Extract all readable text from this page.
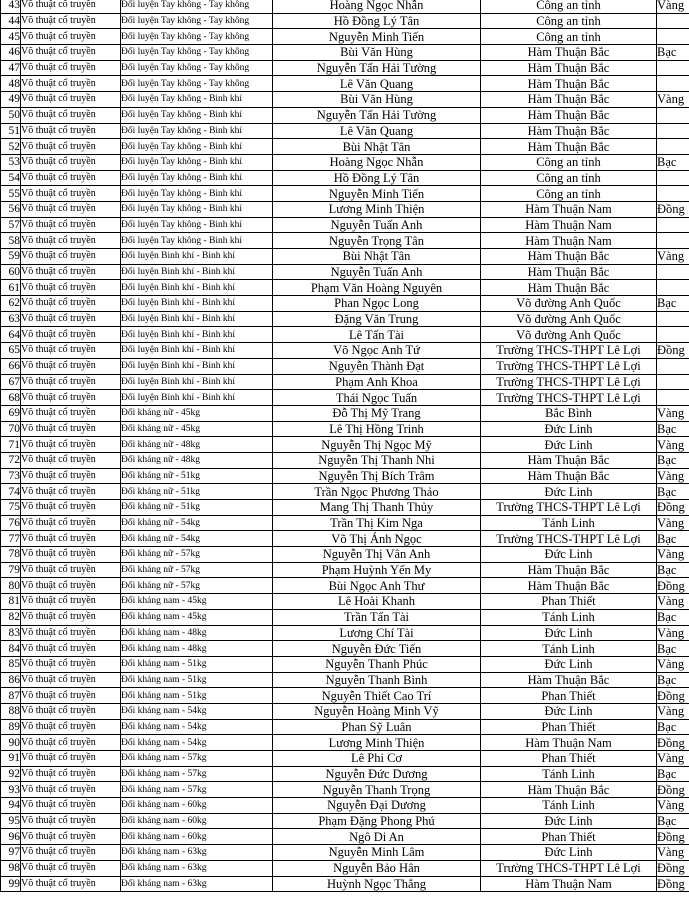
43	Võ thuật cổ truyền	Đối luyện Tay không - Tay không	Hoàng Ngọc Nhẫn	Công an tỉnh	Vàng
44	Võ thuật cổ truyền	Đối luyện Tay không - Tay không	Hồ Đồng Lý Tân	Công an tỉnh	
45	Võ thuật cổ truyền	Đối luyện Tay không - Tay không	Nguyễn Minh Tiến	Công an tỉnh	
46	Võ thuật cổ truyền	Đối luyện Tay không - Tay không	Bùi Văn Hùng	Hàm Thuận Bắc	Bạc
47	Võ thuật cổ truyền	Đối luyện Tay không - Tay không	Nguyễn Tấn Hải Tường	Hàm Thuận Bắc	
48	Võ thuật cổ truyền	Đối luyện Tay không - Tay không	Lê Văn Quang	Hàm Thuận Bắc	
49	Võ thuật cổ truyền	Đối luyện Tay không - Binh khí	Bùi Văn Hùng	Hàm Thuận Bắc	Vàng
50	Võ thuật cổ truyền	Đối luyện Tay không - Binh khí	Nguyễn Tấn Hải Tường	Hàm Thuận Bắc	
51	Võ thuật cổ truyền	Đối luyện Tay không - Binh khí	Lê Văn Quang	Hàm Thuận Bắc	
52	Võ thuật cổ truyền	Đối luyện Tay không - Binh khí	Bùi Nhật Tân	Hàm Thuận Bắc	
53	Võ thuật cổ truyền	Đối luyện Tay không - Binh khí	Hoàng Ngọc Nhẫn	Công an tỉnh	Bạc
54	Võ thuật cổ truyền	Đối luyện Tay không - Binh khí	Hồ Đồng Lý Tân	Công an tỉnh	
55	Võ thuật cổ truyền	Đối luyện Tay không - Binh khí	Nguyễn Minh Tiến	Công an tỉnh	
56	Võ thuật cổ truyền	Đối luyện Tay không - Binh khí	Lương Minh Thiện	Hàm Thuận Nam	Đồng
57	Võ thuật cổ truyền	Đối luyện Tay không - Binh khí	Nguyễn Tuấn Anh	Hàm Thuận Nam	
58	Võ thuật cổ truyền	Đối luyện Tay không - Binh khí	Nguyễn Trọng Tân	Hàm Thuận Nam	
59	Võ thuật cổ truyền	Đối luyện Binh khí - Binh khí	Bùi Nhật Tân	Hàm Thuận Bắc	Vàng
60	Võ thuật cổ truyền	Đối luyện Binh khí - Binh khí	Nguyễn Tuấn Anh	Hàm Thuận Bắc	
61	Võ thuật cổ truyền	Đối luyện Binh khí - Binh khí	Phạm Văn Hoàng Nguyên	Hàm Thuận Bắc	
62	Võ thuật cổ truyền	Đối luyện Binh khí - Binh khí	Phan Ngọc Long	Võ đường Anh Quốc	Bạc
63	Võ thuật cổ truyền	Đối luyện Binh khí - Binh khí	Đặng Văn Trung	Võ đường Anh Quốc	
64	Võ thuật cổ truyền	Đối luyện Binh khí - Binh khí	Lê Tấn Tài	Võ đường Anh Quốc	
65	Võ thuật cổ truyền	Đối luyện Binh khí - Binh khí	Võ Ngọc Anh Tứ	Trường THCS-THPT Lê Lợi	Đồng
66	Võ thuật cổ truyền	Đối luyện Binh khí - Binh khí	Nguyễn Thành Đạt	Trường THCS-THPT Lê Lợi	
67	Võ thuật cổ truyền	Đối luyện Binh khí - Binh khí	Phạm Anh Khoa	Trường THCS-THPT Lê Lợi	
68	Võ thuật cổ truyền	Đối luyện Binh khí - Binh khí	Thái Ngọc Tuấn	Trường THCS-THPT Lê Lợi	
69	Võ thuật cổ truyền	Đối kháng nữ - 45kg	Đỗ Thị Mỹ Trang	Bắc Bình	Vàng
70	Võ thuật cổ truyền	Đối kháng nữ - 45kg	Lê Thị Hồng Trinh	Đức Linh	Bạc
71	Võ thuật cổ truyền	Đối kháng nữ - 48kg	Nguyễn Thị Ngọc Mỹ	Đức Linh	Vàng
72	Võ thuật cổ truyền	Đối kháng nữ - 48kg	Nguyễn Thị Thanh Nhi	Hàm Thuận Bắc	Bạc
73	Võ thuật cổ truyền	Đối kháng nữ - 51kg	Nguyễn Thị Bích Trâm	Hàm Thuận Bắc	Vàng
74	Võ thuật cổ truyền	Đối kháng nữ - 51kg	Trần Ngọc Phương Thảo	Đức Linh	Bạc
75	Võ thuật cổ truyền	Đối kháng nữ - 51kg	Mang Thị Thanh Thủy	Trường THCS-THPT Lê Lợi	Đồng
76	Võ thuật cổ truyền	Đối kháng nữ - 54kg	Trần Thị Kim Nga	Tánh Linh	Vàng
77	Võ thuật cổ truyền	Đối kháng nữ - 54kg	Võ Thị Ánh Ngọc	Trường THCS-THPT Lê Lợi	Bạc
78	Võ thuật cổ truyền	Đối kháng nữ - 57kg	Nguyễn Thị Vân Anh	Đức Linh	Vàng
79	Võ thuật cổ truyền	Đối kháng nữ - 57kg	Phạm Huỳnh Yến My	Hàm Thuận Bắc	Bạc
80	Võ thuật cổ truyền	Đối kháng nữ - 57kg	Bùi Ngọc Anh Thư	Hàm Thuận Bắc	Đồng
81	Võ thuật cổ truyền	Đối kháng nam - 45kg	Lê Hoài Khanh	Phan Thiết	Vàng
82	Võ thuật cổ truyền	Đối kháng nam - 45kg	Trần Tấn Tài	Tánh Linh	Bạc
83	Võ thuật cổ truyền	Đối kháng nam - 48kg	Lương Chí Tài	Đức Linh	Vàng
84	Võ thuật cổ truyền	Đối kháng nam - 48kg	Nguyễn Đức Tiến	Tánh Linh	Bạc
85	Võ thuật cổ truyền	Đối kháng nam - 51kg	Nguyễn Thanh Phúc	Đức Linh	Vàng
86	Võ thuật cổ truyền	Đối kháng nam - 51kg	Nguyễn Thanh Bình	Hàm Thuận Bắc	Bạc
87	Võ thuật cổ truyền	Đối kháng nam - 51kg	Nguyễn Thiết Cao Trí	Phan Thiết	Đồng
88	Võ thuật cổ truyền	Đối kháng nam - 54kg	Nguyễn Hoàng Minh Vỹ	Đức Linh	Vàng
89	Võ thuật cổ truyền	Đối kháng nam - 54kg	Phan Sỹ Luân	Phan Thiết	Bạc
90	Võ thuật cổ truyền	Đối kháng nam - 54kg	Lương Minh Thiện	Hàm Thuận Nam	Đồng
91	Võ thuật cổ truyền	Đối kháng nam - 57kg	Lê Phi Cơ	Phan Thiết	Vàng
92	Võ thuật cổ truyền	Đối kháng nam - 57kg	Nguyễn Đức Dương	Tánh Linh	Bạc
93	Võ thuật cổ truyền	Đối kháng nam - 57kg	Nguyễn Thanh Trọng	Hàm Thuận Bắc	Đồng
94	Võ thuật cổ truyền	Đối kháng nam - 60kg	Nguyễn Đại Dương	Tánh Linh	Vàng
95	Võ thuật cổ truyền	Đối kháng nam - 60kg	Phạm Đặng Phong Phú	Đức Linh	Bạc
96	Võ thuật cổ truyền	Đối kháng nam - 60kg	Ngô Di An	Phan Thiết	Đồng
97	Võ thuật cổ truyền	Đối kháng nam - 63kg	Nguyễn Minh Lâm	Đức Linh	Vàng
98	Võ thuật cổ truyền	Đối kháng nam - 63kg	Nguyễn Bảo Hân	Trường THCS-THPT Lê Lợi	Đồng
99	Võ thuật cổ truyền	Đối kháng nam - 63kg	Huỳnh Ngọc Thắng	Hàm Thuận Nam	Đồng
